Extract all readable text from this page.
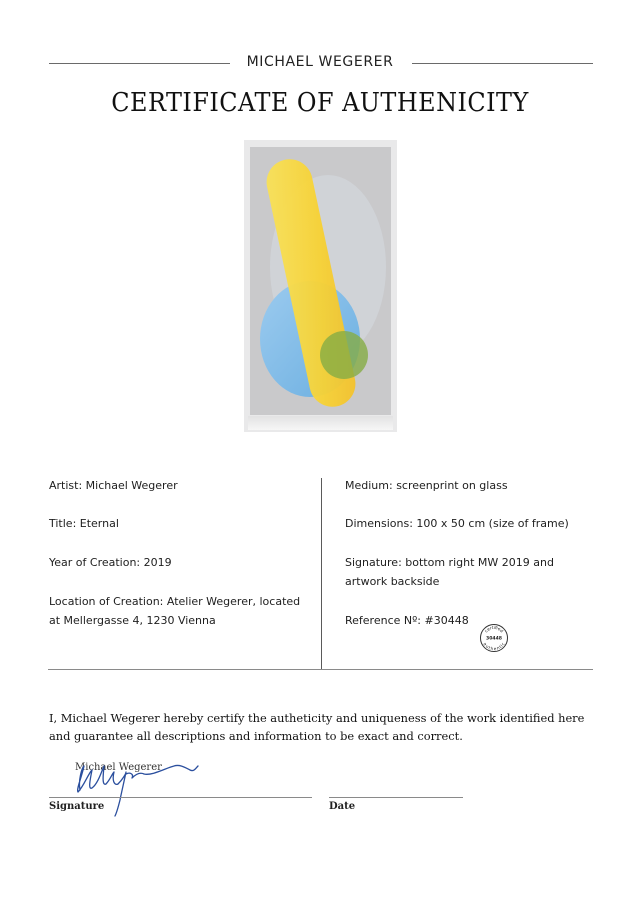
MICHAEL WEGERER
CERTIFICATE OF AUTHENICITY
Artist: Michael Wegerer
Title: Eternal
Year of Creation: 2019
Location of Creation: Atelier Wegerer, located at Mellergasse 4, 1230 Vienna
Medium: screenprint on glass
Dimensions: 100 x 50 cm (size of frame)
Signature: bottom right MW 2019 and artwork backside
Reference Nº: #30448
certified
30448
authentic
I, Michael Wegerer hereby certify the autheticity and uniqueness of the work identified here and guarantee all descriptions and information to be exact and correct.
Michael Wegerer
Signature	Date
